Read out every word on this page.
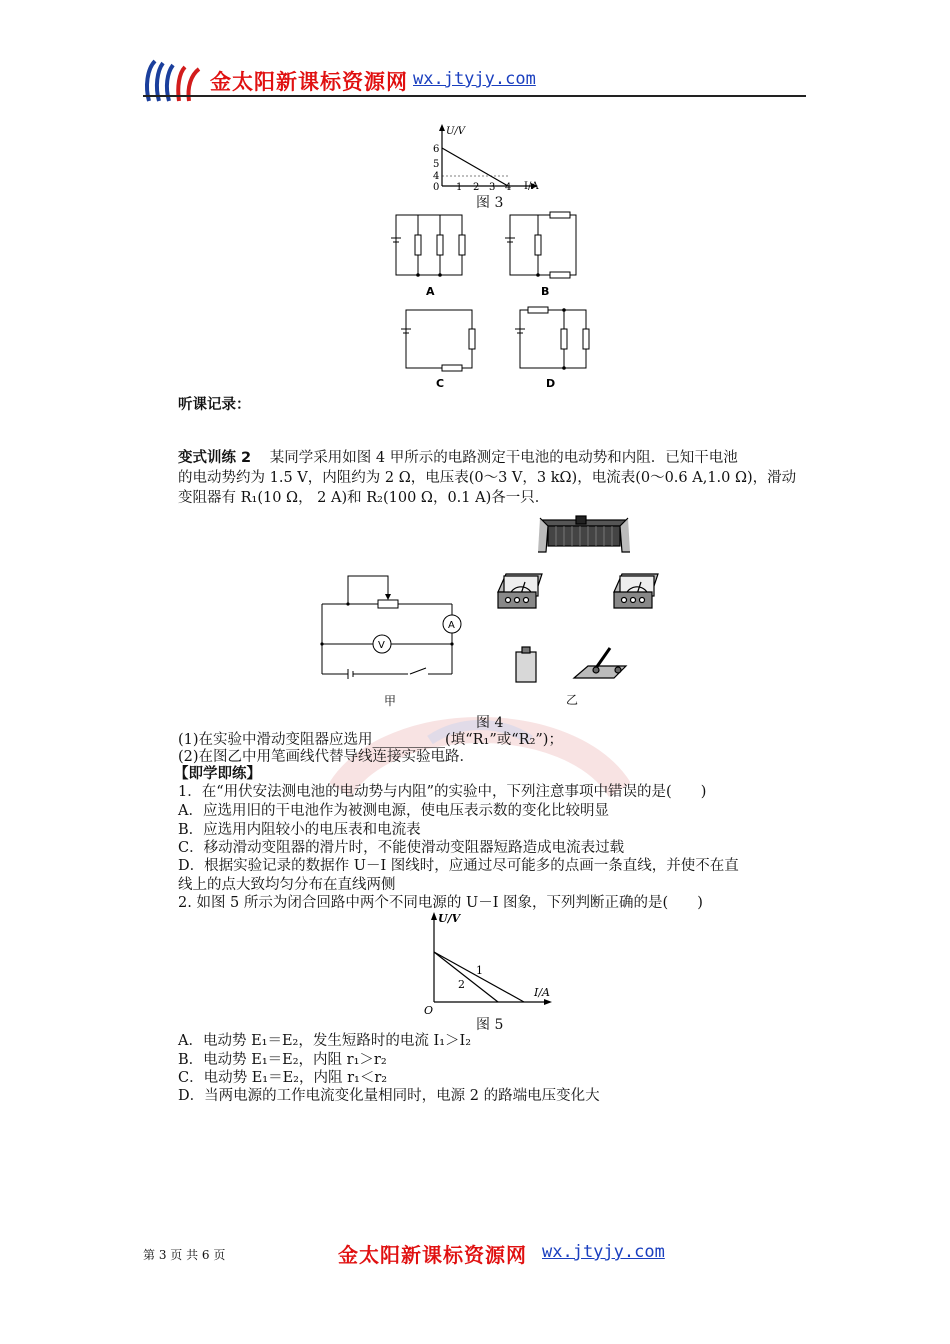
金太阳新课标资源网 wx.jtyjy.com
U/V
I/A
6
5
4
0 1 2 3 4
图 3
A	B
C	D
听课记录：
变式训练 2 某同学采用如图 4 甲所示的电路测定干电池的电动势和内阻．已知干电池
的电动势约为 1.5 V，内阻约为 2 Ω，电压表(0～3 V，3 kΩ)，电流表(0～0.6 A,1.0 Ω)，滑动
变阻器有 R₁(10 Ω， 2 A)和 R₂(100 Ω，0.1 A)各一只．
V
A
甲	乙
图 4
(1)在实验中滑动变阻器应选用__________(填“R₁”或“R₂”)；
(2)在图乙中用笔画线代替导线连接实验电路．
【即学即练】
1．在“用伏安法测电池的电动势与内阻”的实验中，下列注意事项中错误的是(　　)
A．应选用旧的干电池作为被测电源，使电压表示数的变化比较明显
B．应选用内阻较小的电压表和电流表
C．移动滑动变阻器的滑片时，不能使滑动变阻器短路造成电流表过载
D．根据实验记录的数据作 U－I 图线时，应通过尽可能多的点画一条直线，并使不在直
线上的点大致均匀分布在直线两侧
2. 如图 5 所示为闭合回路中两个不同电源的 U－I 图象，下列判断正确的是(　　)
U/V
I/A
O
1
2
图 5
A．电动势 E₁＝E₂，发生短路时的电流 I₁＞I₂
B．电动势 E₁＝E₂，内阻 r₁＞r₂
C．电动势 E₁＝E₂，内阻 r₁＜r₂
D．当两电源的工作电流变化量相同时，电源 2 的路端电压变化大
第 3 页 共 6 页	金太阳新课标资源网 wx.jtyjy.com
